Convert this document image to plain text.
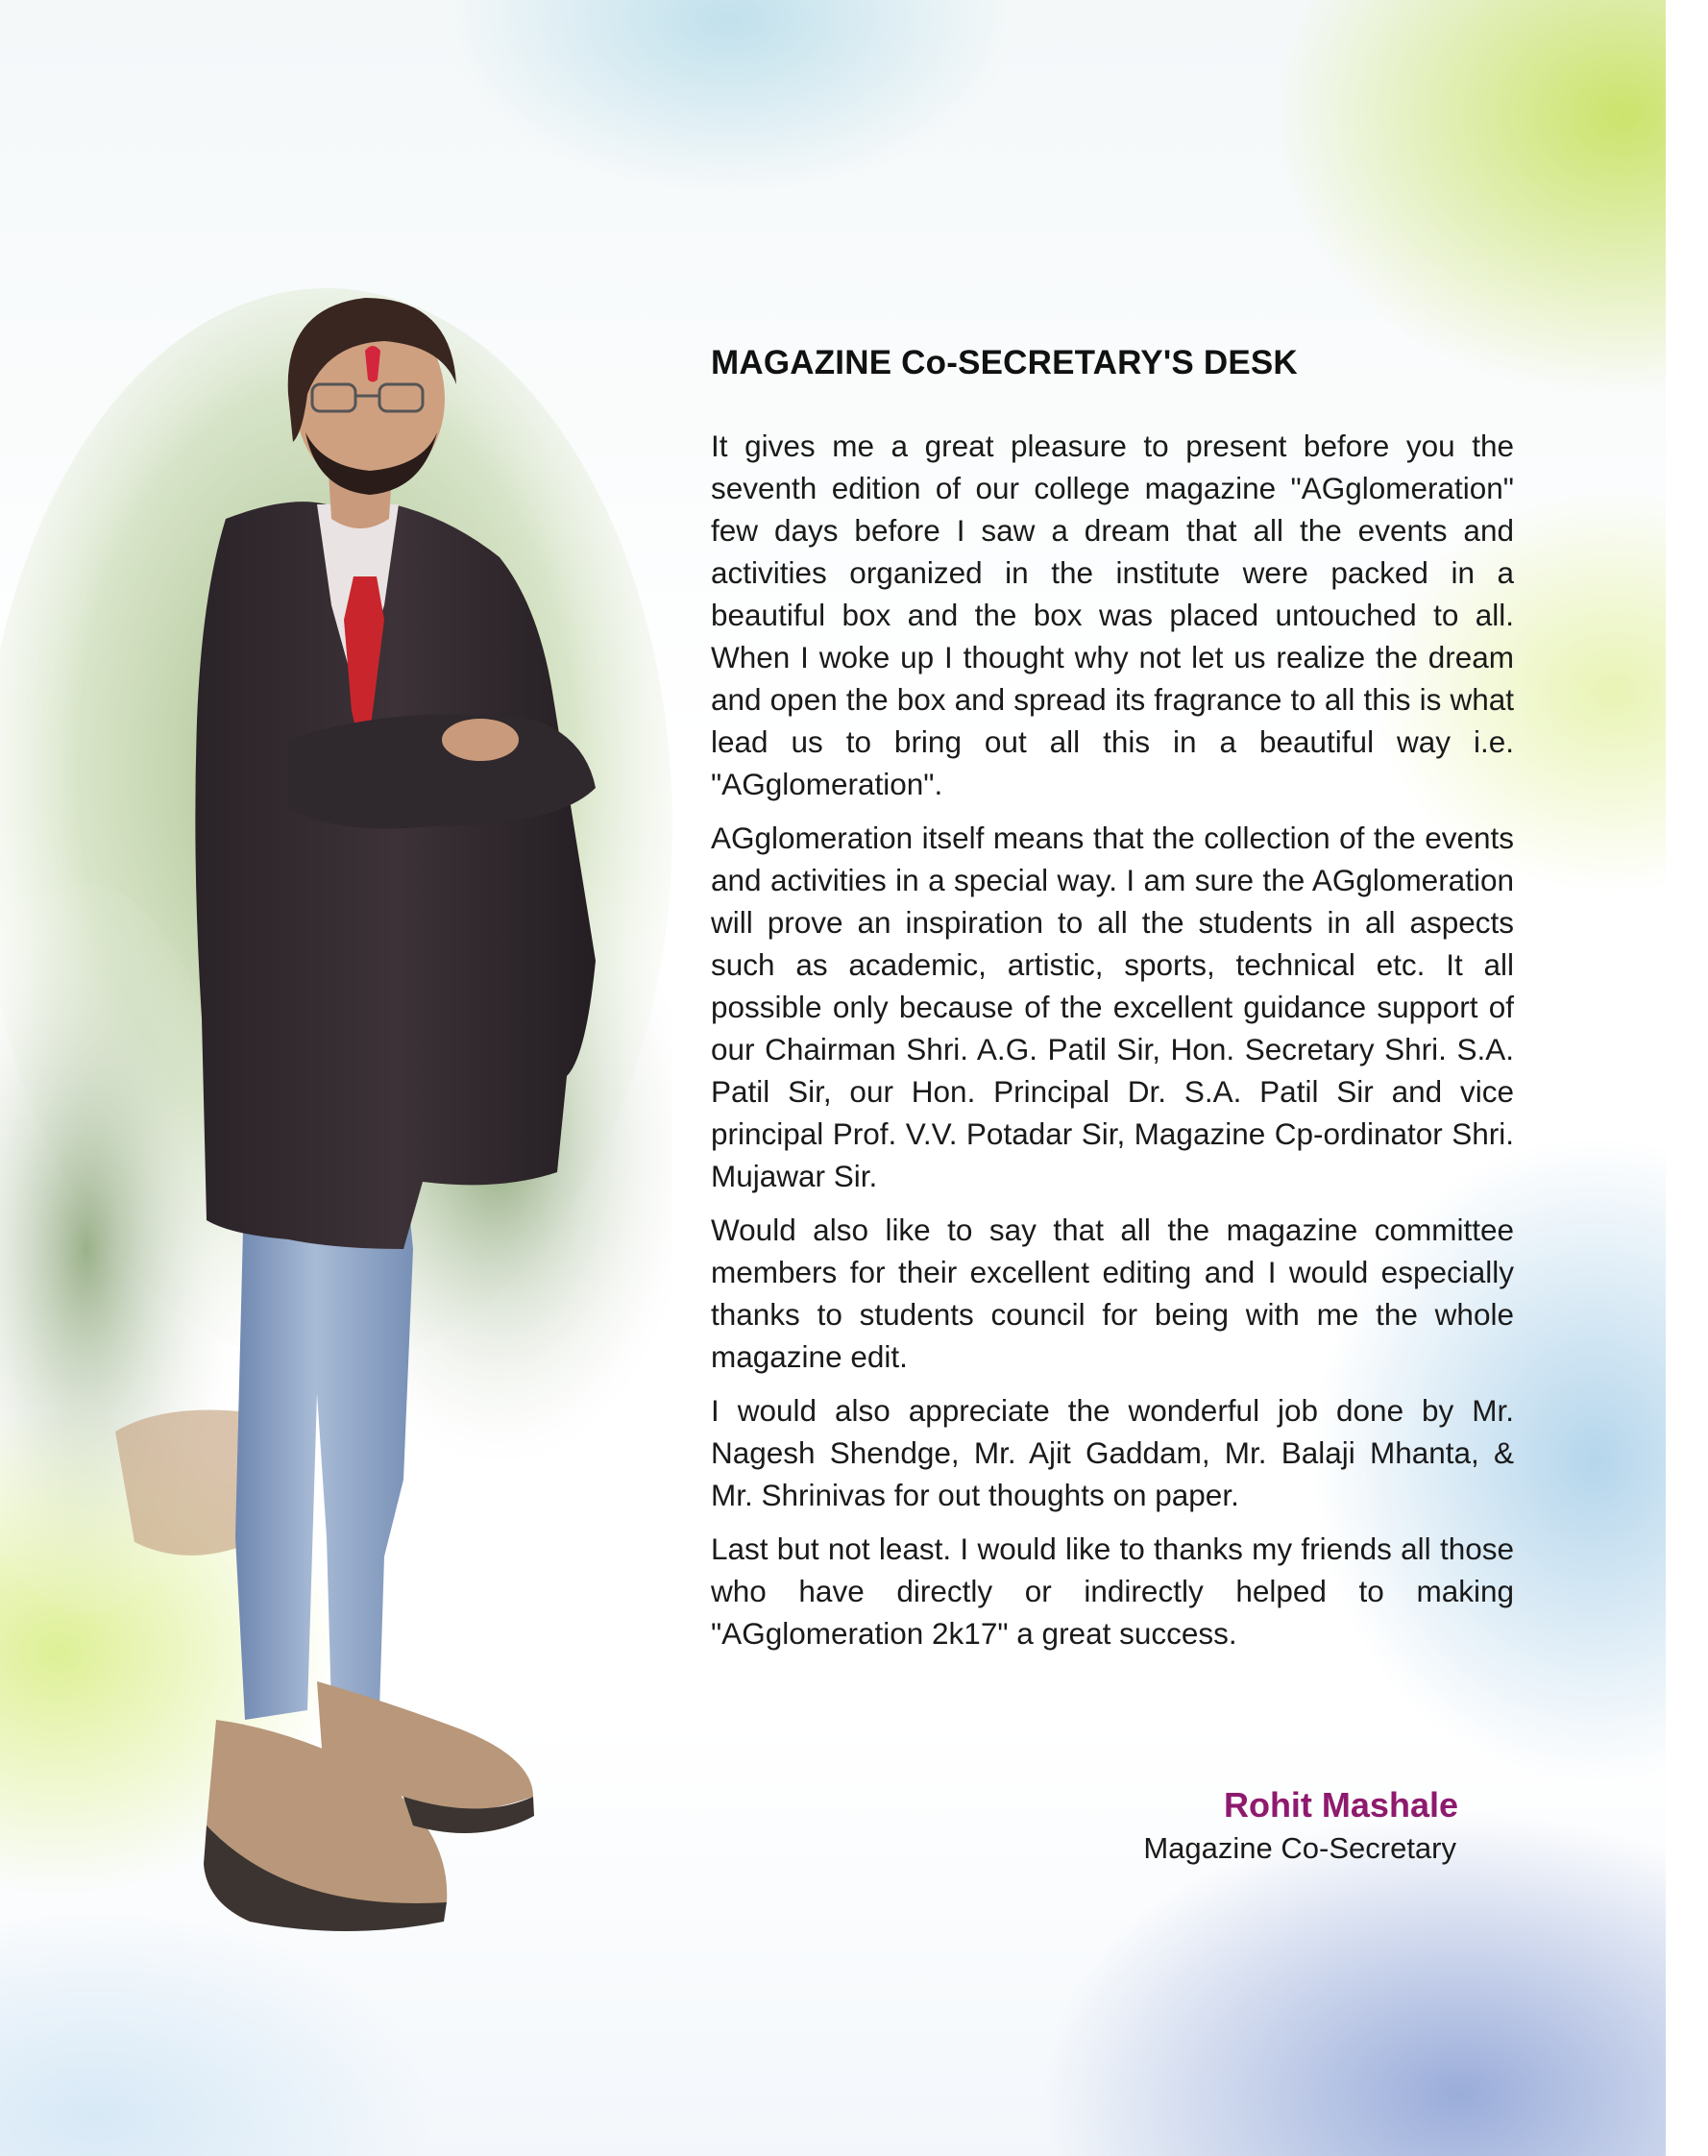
MAGAZINE Co-SECRETARY'S DESK

It gives me a great pleasure to present before you the seventh edition of our college magazine "AGglomeration" few days before I saw a dream that all the events and activities organized in the institute were packed in a beautiful box and the box was placed untouched to all. When I woke up I thought why not let us realize the dream and open the box and spread its fragrance to all this is what lead us to bring out all this in a beautiful way i.e. "AGglomeration".

AGglomeration itself means that the collection of the events and activities in a special way. I am sure the AGglomeration will prove an inspiration to all the students in all aspects such as academic, artistic, sports, technical etc. It all possible only because of the excellent guidance support of our Chairman Shri. A.G. Patil Sir, Hon. Secretary Shri. S.A. Patil Sir, our Hon. Principal Dr. S.A. Patil Sir and vice principal Prof. V.V. Potadar Sir, Magazine Cp-ordinator Shri. Mujawar Sir.

Would also like to say that all the magazine committee members for their excellent editing and I would especially thanks to students council for being with me the whole magazine edit.

I would also appreciate the wonderful job done by Mr. Nagesh Shendge, Mr. Ajit Gaddam, Mr. Balaji Mhanta, & Mr. Shrinivas for out thoughts on paper.

Last but not least. I would like to thanks my friends all those who have directly or indirectly helped to making "AGglomeration 2k17" a great success.

Rohit Mashale
Magazine Co-Secretary
